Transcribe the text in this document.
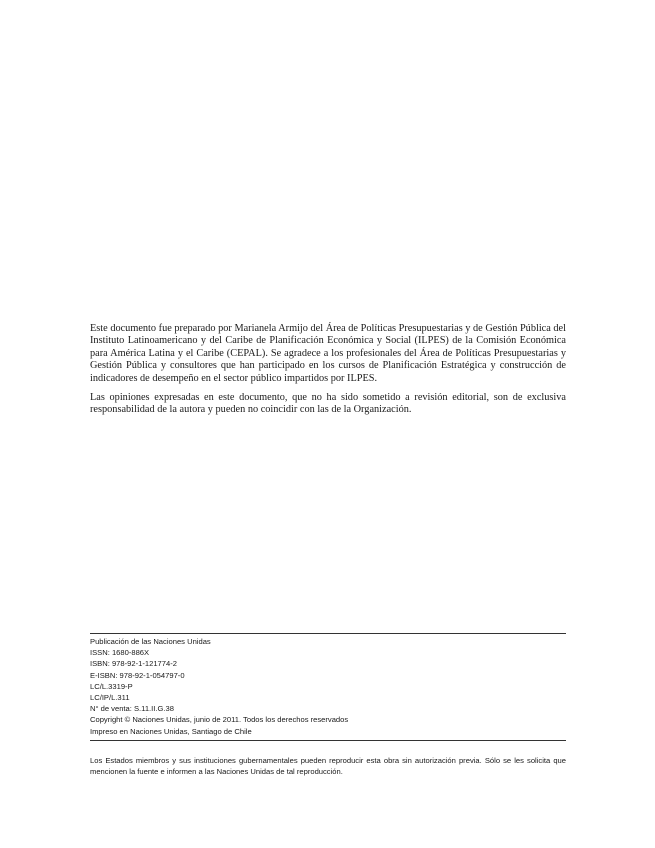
Este documento fue preparado por Marianela Armijo del Área de Políticas Presupuestarias y de Gestión Pública del Instituto Latinoamericano y del Caribe de Planificación Económica y Social (ILPES) de la Comisión Económica para América Latina y el Caribe (CEPAL). Se agradece a los profesionales del Área de Políticas Presupuestarias y Gestión Pública y consultores que han participado en los cursos de Planificación Estratégica y construcción de indicadores de desempeño en el sector público impartidos por ILPES.

Las opiniones expresadas en este documento, que no ha sido sometido a revisión editorial, son de exclusiva responsabilidad de la autora y pueden no coincidir con las de la Organización.

Publicación de las Naciones Unidas
ISSN: 1680-886X
ISBN: 978-92-1-121774-2
E-ISBN: 978-92-1-054797-0
LC/L.3319-P
LC/IP/L.311
N° de venta: S.11.II.G.38
Copyright © Naciones Unidas, junio de 2011. Todos los derechos reservados
Impreso en Naciones Unidas, Santiago de Chile

Los Estados miembros y sus instituciones gubernamentales pueden reproducir esta obra sin autorización previa. Sólo se les solicita que mencionen la fuente e informen a las Naciones Unidas de tal reproducción.
